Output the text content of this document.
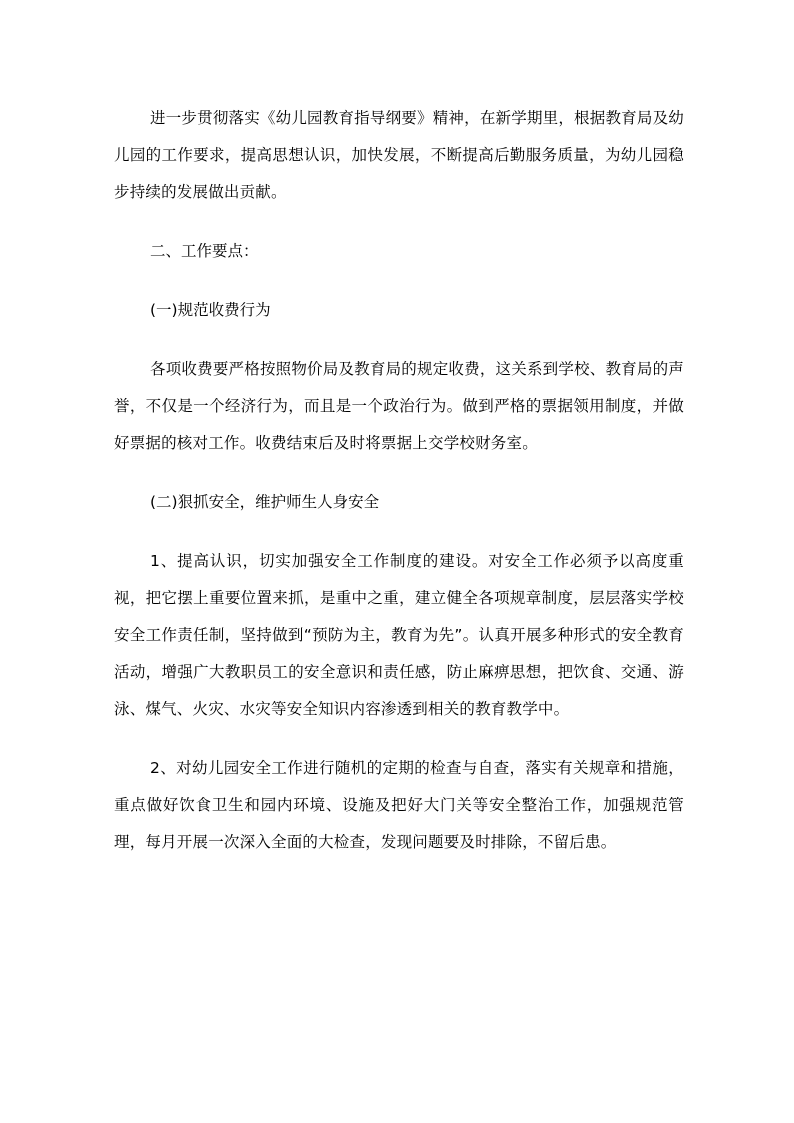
进一步贯彻落实《幼儿园教育指导纲要》精神，在新学期里，根据教育局及幼儿园的工作要求，提高思想认识，加快发展，不断提高后勤服务质量，为幼儿园稳步持续的发展做出贡献。

二、工作要点：

(一)规范收费行为

各项收费要严格按照物价局及教育局的规定收费，这关系到学校、教育局的声誉，不仅是一个经济行为，而且是一个政治行为。做到严格的票据领用制度，并做好票据的核对工作。收费结束后及时将票据上交学校财务室。

(二)狠抓安全，维护师生人身安全

1、提高认识，切实加强安全工作制度的建设。对安全工作必须予以高度重视，把它摆上重要位置来抓，是重中之重，建立健全各项规章制度，层层落实学校安全工作责任制，坚持做到“预防为主，教育为先”。认真开展多种形式的安全教育活动，增强广大教职员工的安全意识和责任感，防止麻痹思想，把饮食、交通、游泳、煤气、火灾、水灾等安全知识内容渗透到相关的教育教学中。

2、对幼儿园安全工作进行随机的定期的检查与自查，落实有关规章和措施，重点做好饮食卫生和园内环境、设施及把好大门关等安全整治工作，加强规范管理，每月开展一次深入全面的大检查，发现问题要及时排除，不留后患。
